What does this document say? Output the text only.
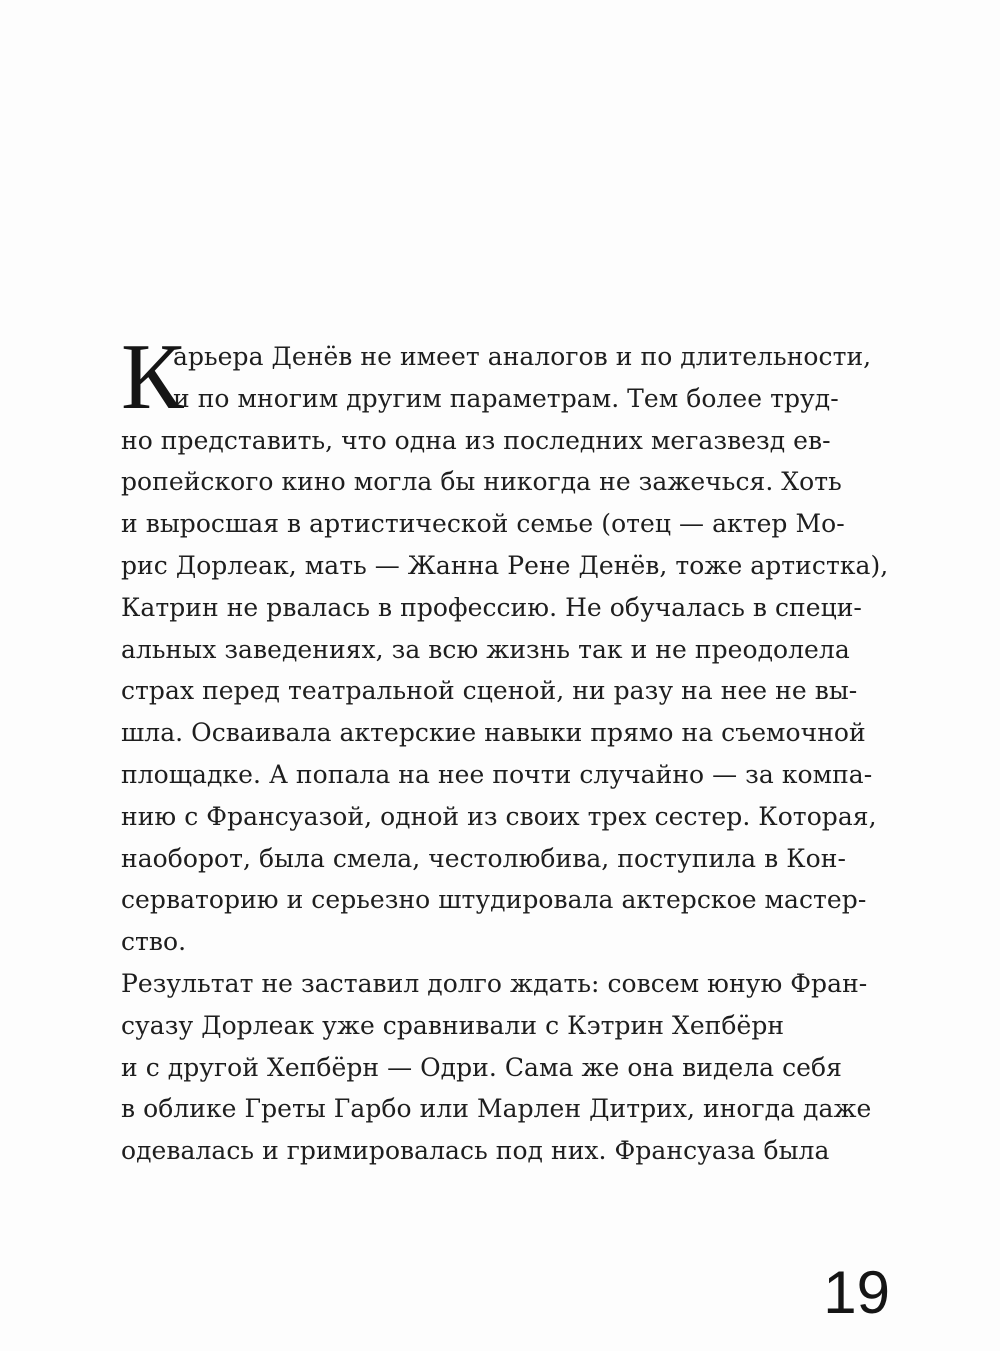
К
арьера Денёв не имеет аналогов и по длительности,
и по многим другим параметрам. Тем более труд-
но представить, что одна из последних мегазвезд ев-
ропейского кино могла бы никогда не зажечься. Хоть
и выросшая в артистической семье (отец — актер Мо-
рис Дорлеак, мать — Жанна Рене Денёв, тоже артистка),
Катрин не рвалась в профессию. Не обучалась в специ-
альных заведениях, за всю жизнь так и не преодолела
страх перед театральной сценой, ни разу на нее не вы-
шла. Осваивала актерские навыки прямо на съемочной
площадке. А попала на нее почти случайно — за компа-
нию с Франсуазой, одной из своих трех сестер. Которая,
наоборот, была смела, честолюбива, поступила в Кон-
серваторию и серьезно штудировала актерское мастер-
ство.
Результат не заставил долго ждать: совсем юную Фран-
суазу Дорлеак уже сравнивали с Кэтрин Хепбёрн
и с другой Хепбёрн — Одри. Сама же она видела себя
в облике Греты Гарбо или Марлен Дитрих, иногда даже
одевалась и гримировалась под них. Франсуаза была
19
